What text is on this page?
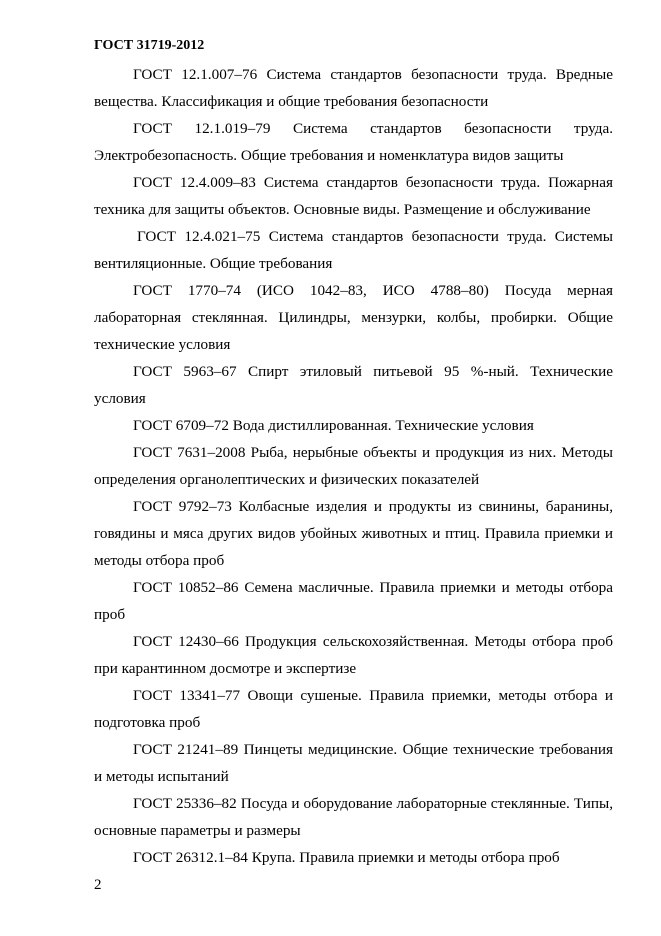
ГОСТ 31719-2012

ГОСТ 12.1.007–76 Система стандартов безопасности труда. Вредные вещества. Классификация и общие требования безопасности

ГОСТ 12.1.019–79 Система стандартов безопасности труда. Электробезопасность. Общие требования и номенклатура видов защиты

ГОСТ 12.4.009–83 Система стандартов безопасности труда. Пожарная техника для защиты объектов. Основные виды. Размещение и обслуживание

ГОСТ 12.4.021–75 Система стандартов безопасности труда. Системы вентиляционные. Общие требования

ГОСТ 1770–74 (ИСО 1042–83, ИСО 4788–80) Посуда мерная лабораторная стеклянная. Цилиндры, мензурки, колбы, пробирки. Общие технические условия

ГОСТ 5963–67 Спирт этиловый питьевой 95 %-ный. Технические условия

ГОСТ 6709–72 Вода дистиллированная. Технические условия

ГОСТ 7631–2008 Рыба, нерыбные объекты и продукция из них. Методы определения органолептических и физических показателей

ГОСТ 9792–73 Колбасные изделия и продукты из свинины, баранины, говядины и мяса других видов убойных животных и птиц. Правила приемки и методы отбора проб

ГОСТ 10852–86 Семена масличные. Правила приемки и методы отбора проб

ГОСТ 12430–66 Продукция сельскохозяйственная. Методы отбора проб при карантинном досмотре и экспертизе

ГОСТ 13341–77 Овощи сушеные. Правила приемки, методы отбора и подготовка проб

ГОСТ 21241–89 Пинцеты медицинские. Общие технические требования и методы испытаний

ГОСТ 25336–82 Посуда и оборудование лабораторные стеклянные. Типы, основные параметры и размеры

ГОСТ 26312.1–84 Крупа. Правила приемки и методы отбора проб

2
